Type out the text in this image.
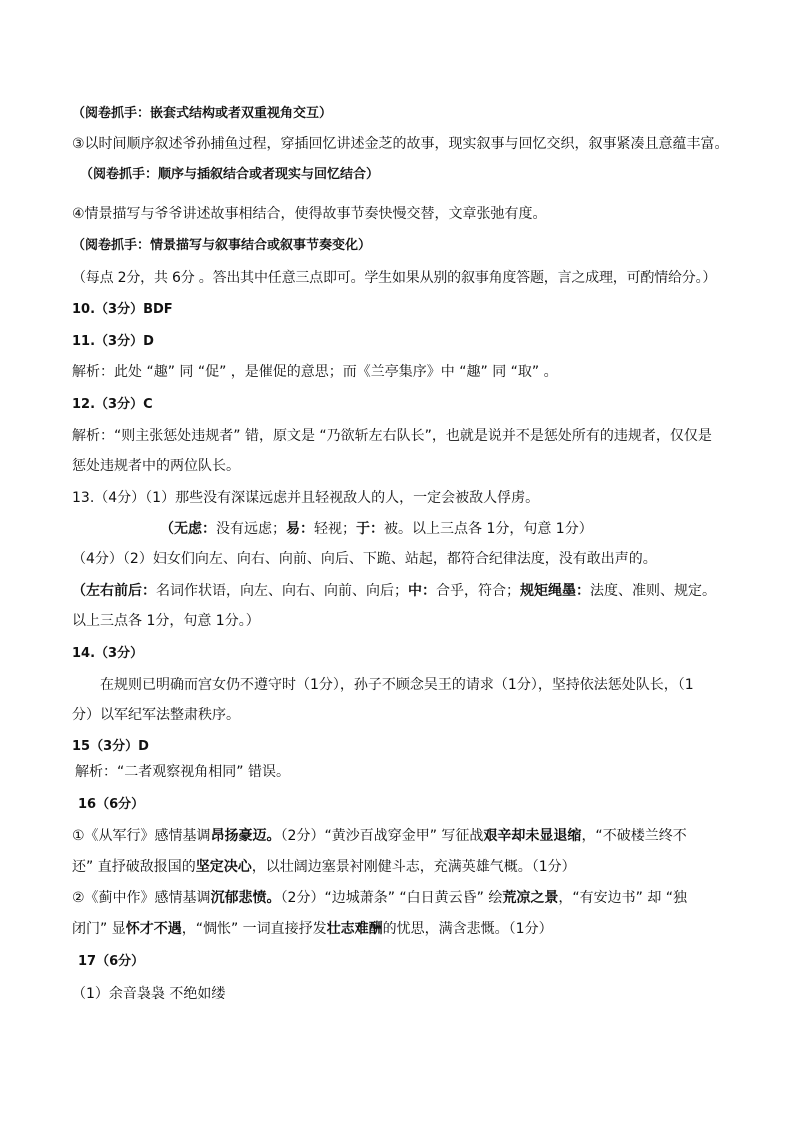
（阅卷抓手：嵌套式结构或者双重视角交互）
③以时间顺序叙述爷孙捕鱼过程，穿插回忆讲述金芝的故事，现实叙事与回忆交织，叙事紧凑且意蕴丰富。
（阅卷抓手：顺序与插叙结合或者现实与回忆结合）
④情景描写与爷爷讲述故事相结合，使得故事节奏快慢交替，文章张弛有度。
（阅卷抓手：情景描写与叙事结合或叙事节奏变化）
（每点 2分，共 6分 。答出其中任意三点即可。学生如果从别的叙事角度答题，言之成理，可酌情给分。）
10.（3分）BDF
11.（3分）D
解析：此处 “趣” 同 “促” ，是催促的意思；而《兰亭集序》中 “趣” 同 “取” 。
12.（3分）C
解析：“则主张惩处违规者” 错，原文是 “乃欲斩左右队长”，也就是说并不是惩处所有的违规者，仅仅是
惩处违规者中的两位队长。
13.（4分）（1）那些没有深谋远虑并且轻视敌人的人，一定会被敌人俘虏。
（无虑：没有远虑；易：轻视；于：被。以上三点各 1分，句意 1分）
（4分）（2）妇女们向左、向右、向前、向后、下跪、站起，都符合纪律法度，没有敢出声的。
（左右前后：名词作状语，向左、向右、向前、向后；中：合乎，符合；规矩绳墨：法度、准则、规定。
以上三点各 1分，句意 1分。）
14.（3分）
在规则已明确而宫女仍不遵守时（1分），孙子不顾念吴王的请求（1分），坚持依法惩处队长，（1
分）以军纪军法整肃秩序。
15（3分）D
解析：“二者观察视角相同” 错误。
16（6分）
①《从军行》感情基调昂扬豪迈。（2分）“黄沙百战穿金甲” 写征战艰辛却未显退缩，“不破楼兰终不
还” 直抒破敌报国的坚定决心，以壮阔边塞景衬刚健斗志，充满英雄气概。（1分）
②《蓟中作》感情基调沉郁悲愤。（2分）“边城萧条” “白日黄云昏” 绘荒凉之景，“有安边书” 却 “独
闭门” 显怀才不遇，“惆怅” 一词直接抒发壮志难酬的忧思，满含悲慨。（1分）
17（6分）
（1）余音袅袅 不绝如缕
